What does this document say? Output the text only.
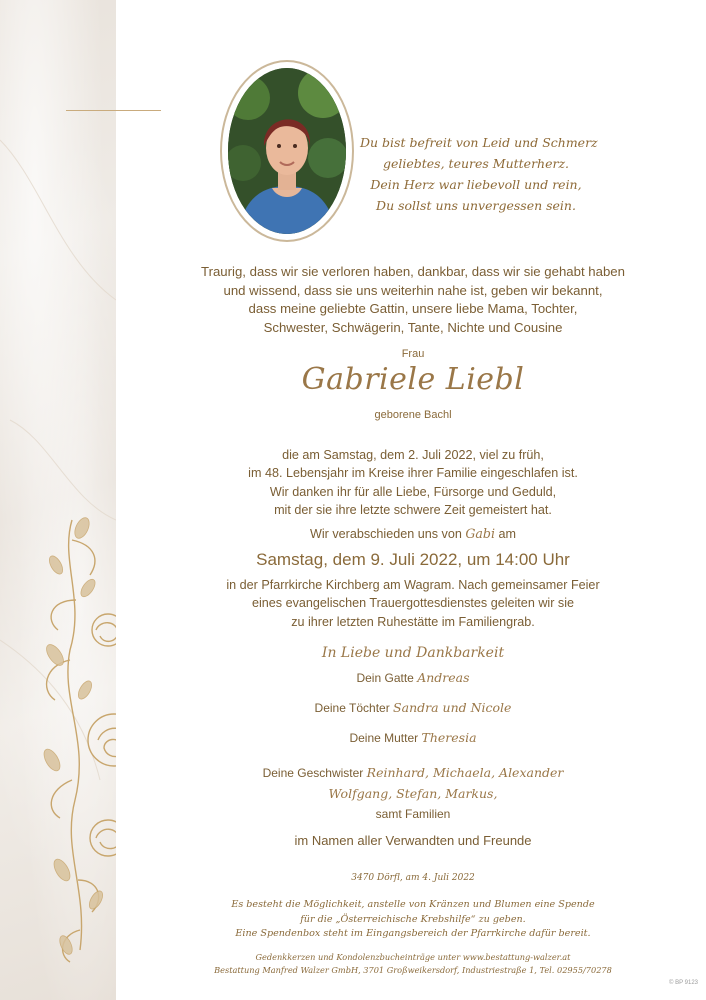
Du bist befreit von Leid und Schmerz
geliebtes, teures Mutterherz.
Dein Herz war liebevoll und rein,
Du sollst uns unvergessen sein.
Traurig, dass wir sie verloren haben, dankbar, dass wir sie gehabt haben
und wissend, dass sie uns weiterhin nahe ist, geben wir bekannt,
dass meine geliebte Gattin, unsere liebe Mama, Tochter,
Schwester, Schwägerin, Tante, Nichte und Cousine
Frau
Gabriele Liebl
geborene Bachl
die am Samstag, dem 2. Juli 2022, viel zu früh,
im 48. Lebensjahr im Kreise ihrer Familie eingeschlafen ist.
Wir danken ihr für alle Liebe, Fürsorge und Geduld,
mit der sie ihre letzte schwere Zeit gemeistert hat.
Wir verabschieden uns von Gabi am
Samstag, dem 9. Juli 2022, um 14:00 Uhr
in der Pfarrkirche Kirchberg am Wagram. Nach gemeinsamer Feier
eines evangelischen Trauergottesdienstes geleiten wir sie
zu ihrer letzten Ruhestätte im Familiengrab.
In Liebe und Dankbarkeit
Dein Gatte Andreas
Deine Töchter Sandra und Nicole
Deine Mutter Theresia
Deine Geschwister Reinhard, Michaela, Alexander
Wolfgang, Stefan, Markus,
samt Familien
im Namen aller Verwandten und Freunde
3470 Dörfl, am 4. Juli 2022
Es besteht die Möglichkeit, anstelle von Kränzen und Blumen eine Spende
für die „Österreichische Krebshilfe“ zu geben.
Eine Spendenbox steht im Eingangsbereich der Pfarrkirche dafür bereit.
Gedenkkerzen und Kondolenzbucheinträge unter www.bestattung-walzer.at
Bestattung Manfred Walzer GmbH, 3701 Großweikersdorf, Industriestraße 1, Tel. 02955/70278
© BP 9123
